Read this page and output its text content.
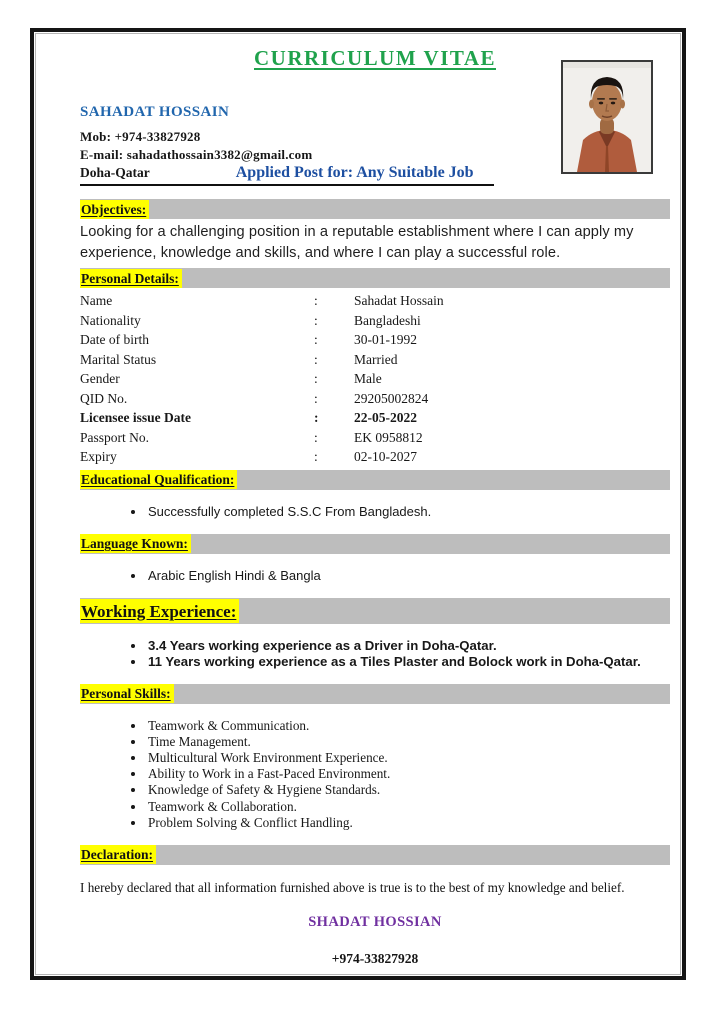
CURRICULUM VITAE
SAHADAT HOSSAIN
Mob: +974-33827928
E-mail: sahadathossain3382@gmail.com
Doha-Qatar	Applied Post for: Any Suitable Job
Objectives:

Looking for a challenging position in a reputable establishment where I can apply my experience, knowledge and skills, and where I can play a successful role.

Personal Details:
Name	:	Sahadat Hossain
Nationality	:	Bangladeshi
Date of birth	:	30-01-1992
Marital Status	:	Married
Gender	:	Male
QID No.	:	29205002824
Licensee issue Date	:	22-05-2022
Passport No.	:	EK 0958812
Expiry	:	02-10-2027
Educational Qualification:
• Successfully completed S.S.C From Bangladesh.
Language Known:
• Arabic English Hindi & Bangla
Working Experience:
• 3.4 Years working experience as a Driver in Doha-Qatar.
• 11 Years working experience as a Tiles Plaster and Bolock work in Doha-Qatar.
Personal Skills:
• Teamwork & Communication.
• Time Management.
• Multicultural Work Environment Experience.
• Ability to Work in a Fast-Paced Environment.
• Knowledge of Safety & Hygiene Standards.
• Teamwork & Collaboration.
• Problem Solving & Conflict Handling.
Declaration:

I hereby declared that all information furnished above is true is to the best of my knowledge and belief.

SHADAT HOSSIAN
+974-33827928
